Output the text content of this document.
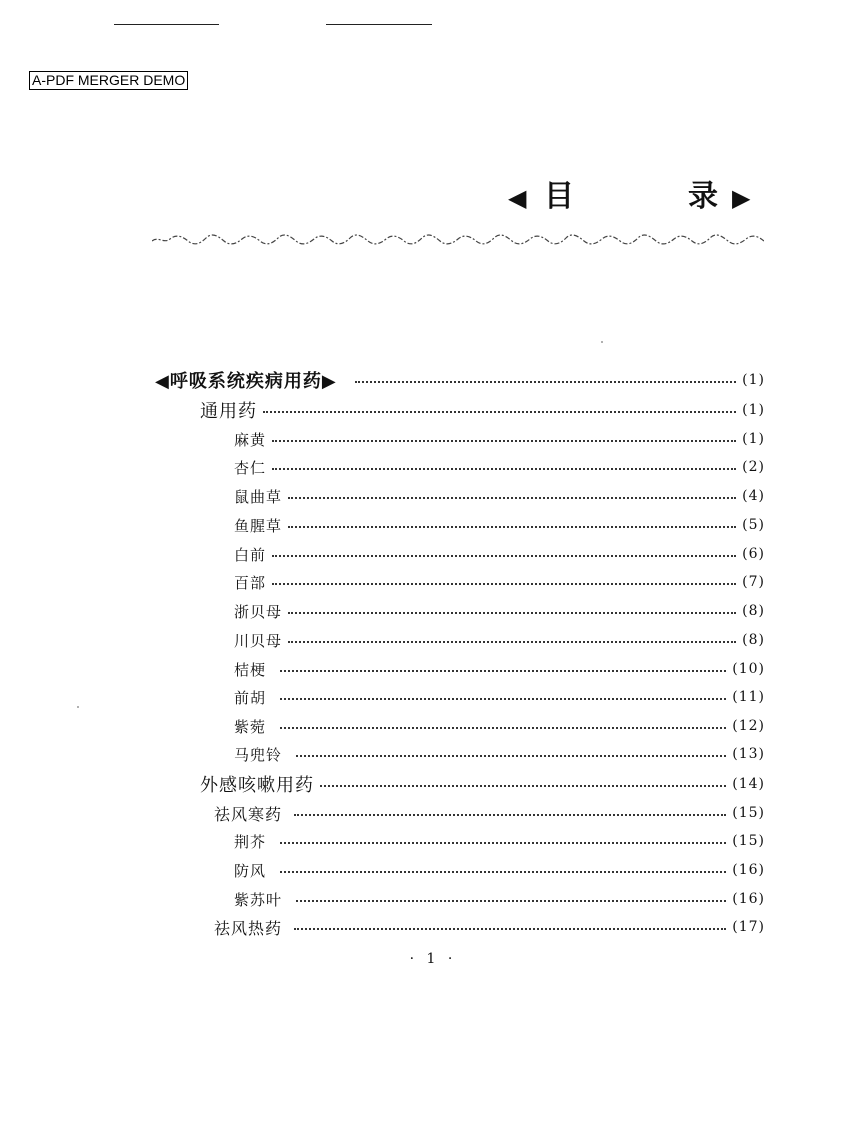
A-PDF MERGER DEMO
◀ 目	录 ▶
◀呼吸系统疾病用药▶	(1)
通用药	(1)
麻黄	(1)
杏仁	(2)
鼠曲草	(4)
鱼腥草	(5)
白前	(6)
百部	(7)
浙贝母	(8)
川贝母	(8)
桔梗	(10)
前胡	(11)
紫菀	(12)
马兜铃	(13)
外感咳嗽用药	(14)
祛风寒药	(15)
荆芥	(15)
防风	(16)
紫苏叶	(16)
祛风热药	(17)
· 1 ·
